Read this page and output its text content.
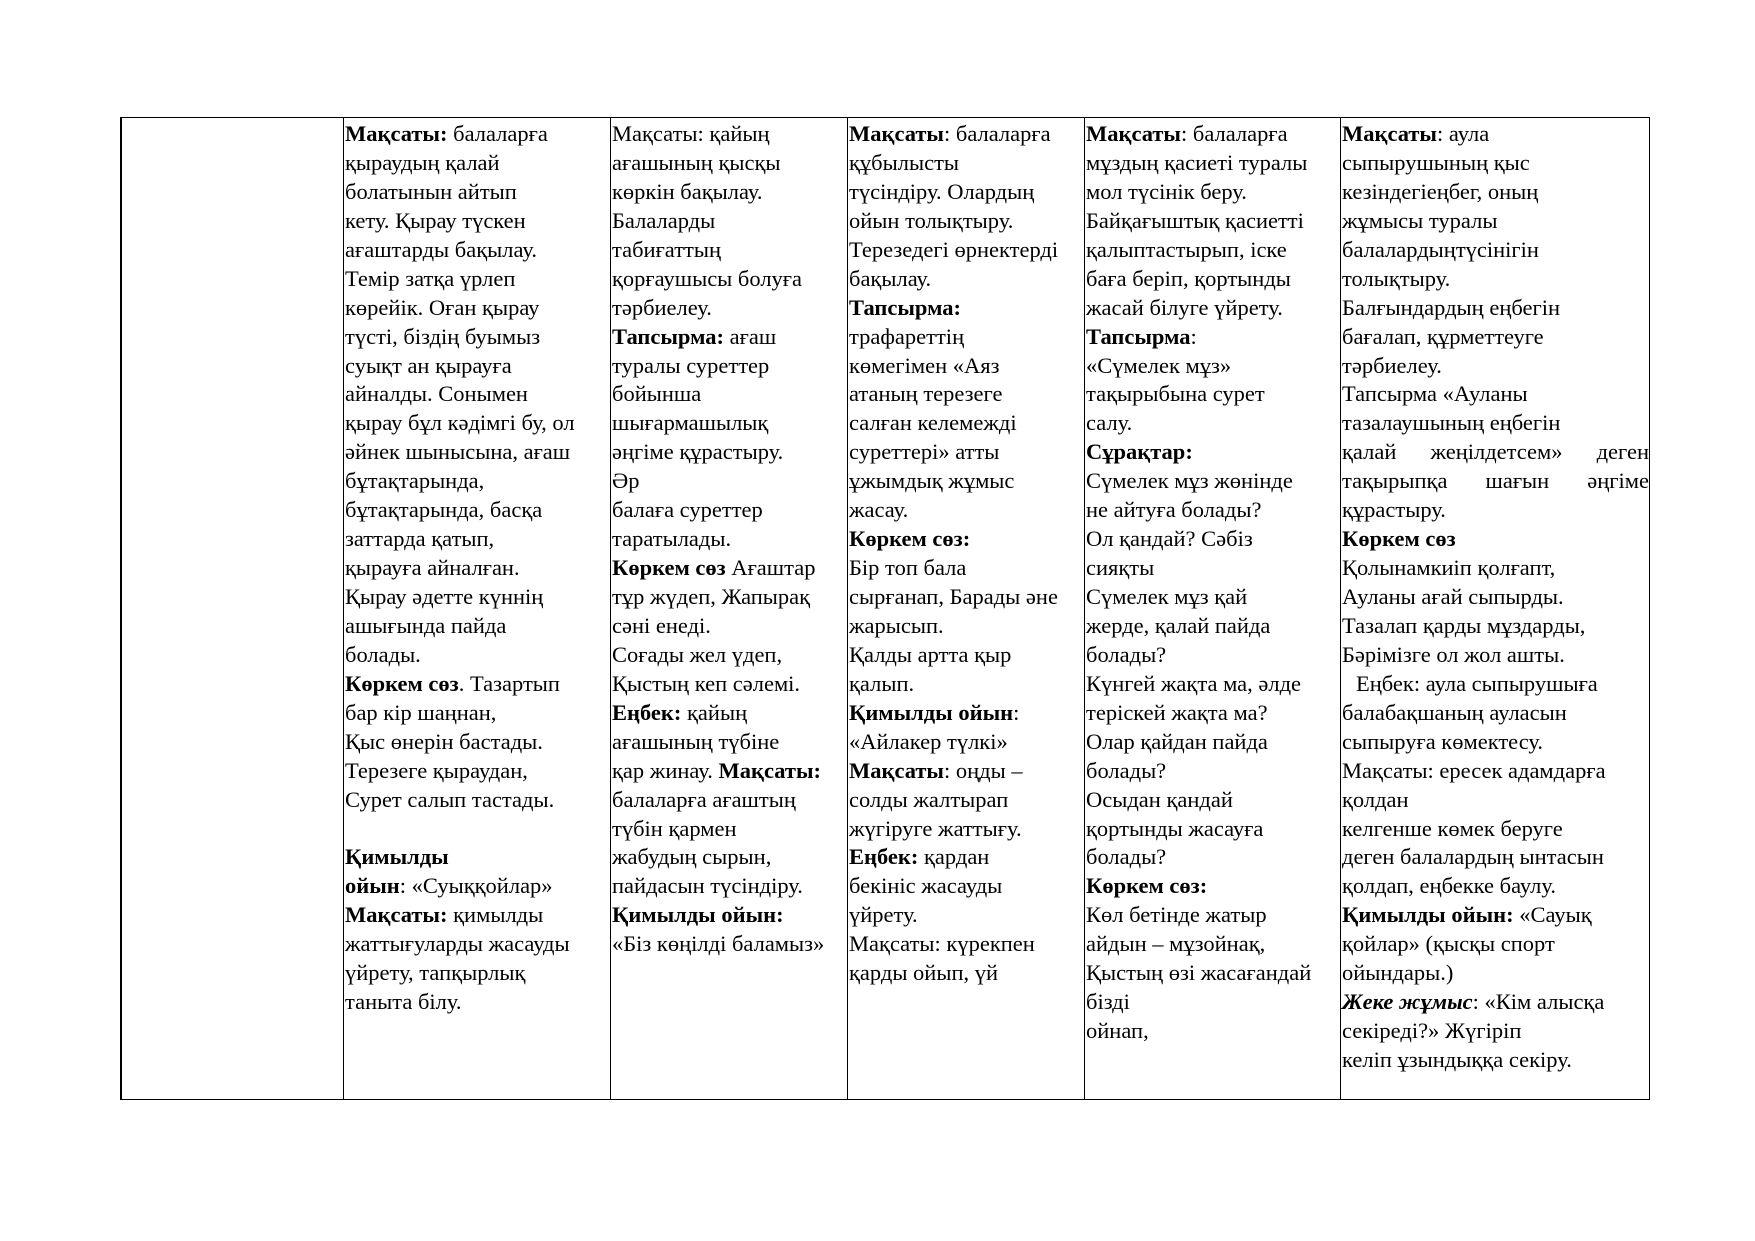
Мақсаты: балаларға
қыраудың қалай
болатынын айтып
кету. Қырау түскен
ағаштарды бақылау.
Темір затқа үрлеп
көрейік. Оған қырау
түсті, біздің буымыз
суықт ан қырауға
айналды. Сонымен
қырау бұл кәдімгі бу, ол
әйнек шынысына, ағаш
бұтақтарында,
бұтақтарында, басқа
заттарда қатып,
қырауға айналған.
Қырау әдетте күннің
ашығында пайда
болады.
Көркем сөз. Тазартып
бар кір шаңнан,
Қыс өнерін бастады.
Терезеге қыраудан,
Сурет салып тастады.
Қимылды
ойын: «Суыққойлар»
Мақсаты: қимылды
жаттығуларды жасауды
үйрету, тапқырлық
таныта білу.
Мақсаты: қайың
ағашының қысқы
көркін бақылау.
Балаларды
табиғаттың
қорғаушысы болуға
тәрбиелеу.
Тапсырма: ағаш
туралы суреттер
бойынша
шығармашылық
әңгіме құрастыру.
Әр
балаға суреттер
таратылады.
Көркем сөз Ағаштар
тұр жүдеп, Жапырақ
сәні енеді.
Соғады жел үдеп,
Қыстың кеп сәлемі.
Еңбек: қайың
ағашының түбіне
қар жинау. Мақсаты:
балаларға ағаштың
түбін қармен
жабудың сырын,
пайдасын түсіндіру.
Қимылды ойын:
«Біз көңілді баламыз»
Мақсаты: балаларға
құбылысты
түсіндіру. Олардың
ойын толықтыру.
Терезедегі өрнектерді
бақылау.
Тапсырма:
трафареттің
көмегімен «Аяз
атаның терезеге
салған келемежді
суреттері» атты
ұжымдық жұмыс
жасау.
Көркем сөз:
Бір топ бала
сырғанап, Барады әне
жарысып.
Қалды артта қыр
қалып.
Қимылды ойын:
«Айлакер түлкі»
Мақсаты: оңды –
солды жалтырап
жүгіруге жаттығу.
Еңбек: қардан
бекініс жасауды
үйрету.
Мақсаты: күрекпен
қарды ойып, үй
Мақсаты: балаларға
мұздың қасиеті туралы
мол түсінік беру.
Байқағыштық қасиетті
қалыптастырып, іске
баға беріп, қортынды
жасай білуге үйрету.
Тапсырма:
«Сүмелек мұз»
тақырыбына сурет
салу.
Сұрақтар:
Сүмелек мұз жөнінде
не айтуға болады?
Ол қандай? Сәбіз
сияқты
Сүмелек мұз қай
жерде, қалай пайда
болады?
Күнгей жақта ма, әлде
теріскей жақта ма?
Олар қайдан пайда
болады?
Осыдан қандай
қортынды жасауға
болады?
Көркем сөз:
Көл бетінде жатыр
айдын – мұзойнақ,
Қыстың өзі жасағандай
бізді
ойнап,
Мақсаты: аула
сыпырушының қыс
кезіндегіеңбег, оның
жұмысы туралы
балалардыңтүсінігін
толықтыру.
Балғындардың еңбегін
бағалап, құрметтеуге
тәрбиелеу.
Тапсырма «Ауланы
тазалаушының еңбегін
қалай жеңілдетсем» деген
тақырыпқа шағын әңгіме
құрастыру.
Көркем сөз
Қолынамкиіп қолғапт,
Ауланы ағай сыпырды.
Тазалап қарды мұздарды,
Бәрімізге ол жол ашты.
Еңбек: аула сыпырушыға
балабақшаның ауласын
сыпыруға көмектесу.
Мақсаты: ересек адамдарға
қолдан
келгенше көмек беруге
деген балалардың ынтасын
қолдап, еңбекке баулу.
Қимылды ойын: «Сауық
қойлар» (қысқы спорт
ойындары.)
Жеке жұмыс: «Кім алысқа
секіреді?» Жүгіріп
келіп ұзындыққа секіру.
